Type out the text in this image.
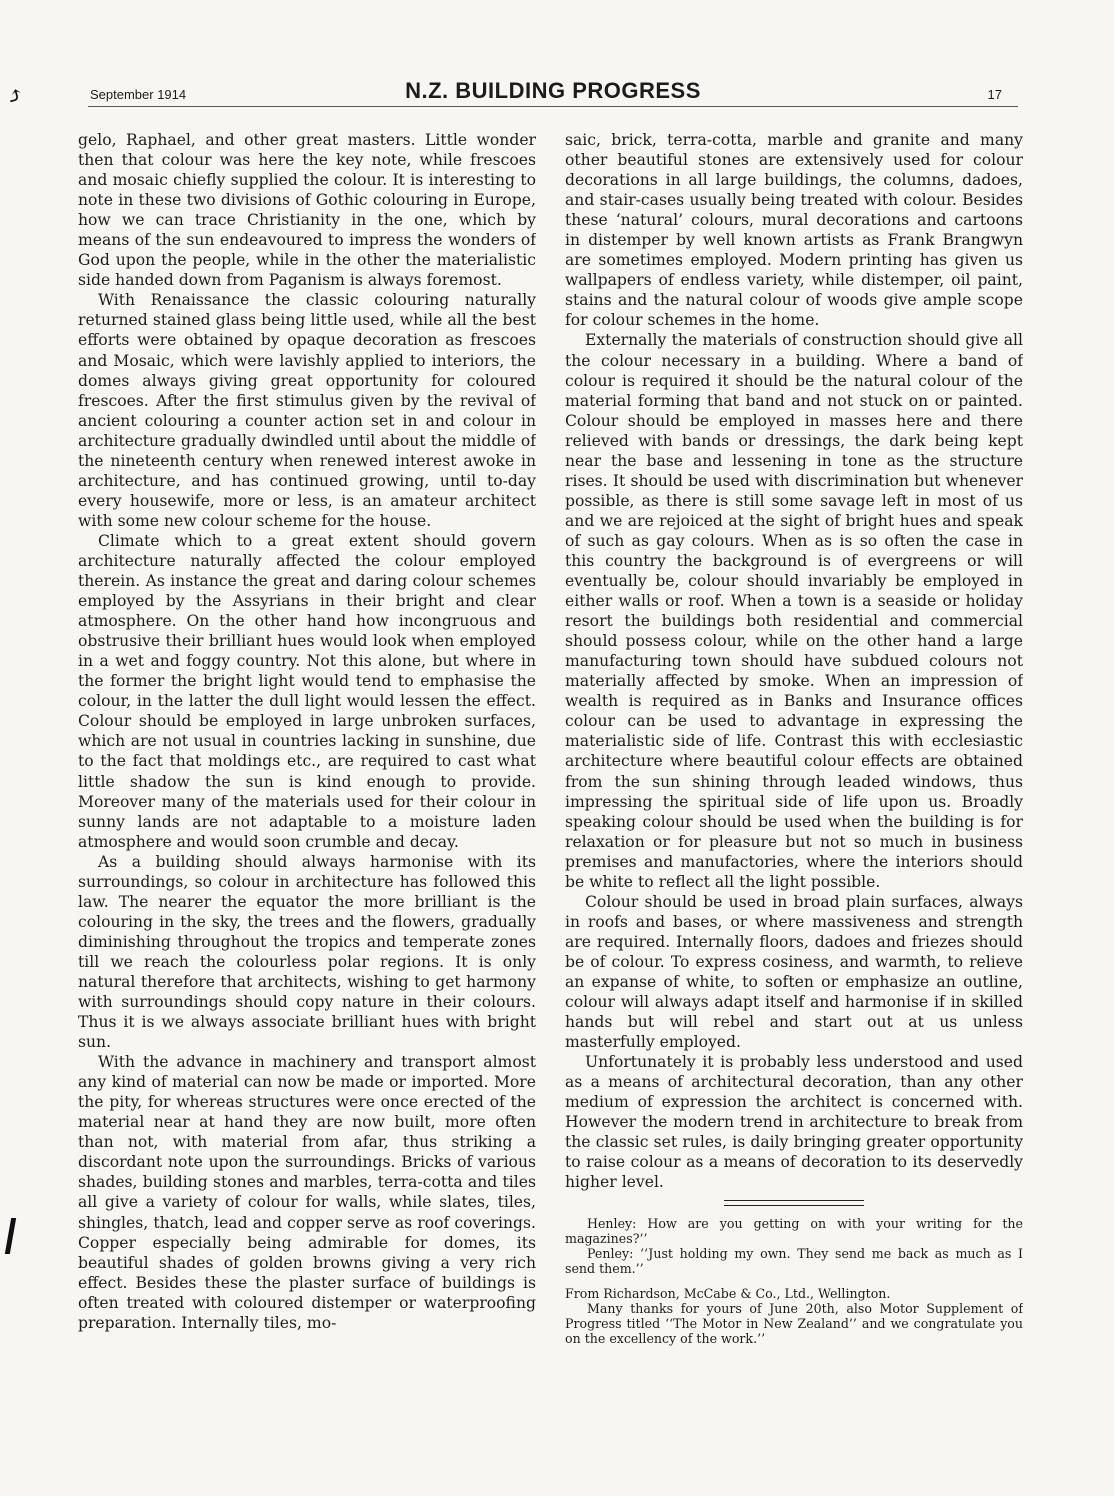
⤴	September 1914	N.Z. BUILDING PROGRESS	17

gelo, Raphael, and other great masters. Little wonder then that colour was here the key note, while frescoes and mosaic chiefly supplied the colour. It is interesting to note in these two divisions of Gothic colouring in Europe, how we can trace Christianity in the one, which by means of the sun endeavoured to impress the wonders of God upon the people, while in the other the materialistic side handed down from Paganism is always foremost.

With Renaissance the classic colouring naturally returned stained glass being little used, while all the best efforts were obtained by opaque decoration as frescoes and Mosaic, which were lavishly applied to interiors, the domes always giving great opportunity for coloured frescoes. After the first stimulus given by the revival of ancient colouring a counter action set in and colour in architecture gradually dwindled until about the middle of the nineteenth century when renewed interest awoke in architecture, and has continued growing, until to-day every housewife, more or less, is an amateur architect with some new colour scheme for the house.

Climate which to a great extent should govern architecture naturally affected the colour employed therein. As instance the great and daring colour schemes employed by the Assyrians in their bright and clear atmosphere. On the other hand how incongruous and obstrusive their brilliant hues would look when employed in a wet and foggy country. Not this alone, but where in the former the bright light would tend to emphasise the colour, in the latter the dull light would lessen the effect. Colour should be employed in large unbroken surfaces, which are not usual in countries lacking in sunshine, due to the fact that moldings etc., are required to cast what little shadow the sun is kind enough to provide. Moreover many of the materials used for their colour in sunny lands are not adaptable to a moisture laden atmosphere and would soon crumble and decay.

As a building should always harmonise with its surroundings, so colour in architecture has followed this law. The nearer the equator the more brilliant is the colouring in the sky, the trees and the flowers, gradually diminishing throughout the tropics and temperate zones till we reach the colourless polar regions. It is only natural therefore that architects, wishing to get harmony with surroundings should copy nature in their colours. Thus it is we always associate brilliant hues with bright sun.

With the advance in machinery and transport almost any kind of material can now be made or imported. More the pity, for whereas structures were once erected of the material near at hand they are now built, more often than not, with material from afar, thus striking a discordant note upon the surroundings. Bricks of various shades, building stones and marbles, terra-cotta and tiles all give a variety of colour for walls, while slates, tiles, shingles, thatch, lead and copper serve as roof coverings. Copper especially being admirable for domes, its beautiful shades of golden browns giving a very rich effect. Besides these the plaster surface of buildings is often treated with coloured distemper or waterproofing preparation. Internally tiles, mo-

saic, brick, terra-cotta, marble and granite and many other beautiful stones are extensively used for colour decorations in all large buildings, the columns, dadoes, and stair-cases usually being treated with colour. Besides these ‘natural’ colours, mural decorations and cartoons in distemper by well known artists as Frank Brangwyn are sometimes employed. Modern printing has given us wallpapers of endless variety, while distemper, oil paint, stains and the natural colour of woods give ample scope for colour schemes in the home.

Externally the materials of construction should give all the colour necessary in a building. Where a band of colour is required it should be the natural colour of the material forming that band and not stuck on or painted. Colour should be employed in masses here and there relieved with bands or dressings, the dark being kept near the base and lessening in tone as the structure rises. It should be used with discrimination but whenever possible, as there is still some savage left in most of us and we are rejoiced at the sight of bright hues and speak of such as gay colours. When as is so often the case in this country the background is of evergreens or will eventually be, colour should invariably be employed in either walls or roof. When a town is a seaside or holiday resort the buildings both residential and commercial should possess colour, while on the other hand a large manufacturing town should have subdued colours not materially affected by smoke. When an impression of wealth is required as in Banks and Insurance offices colour can be used to advantage in expressing the materialistic side of life. Contrast this with ecclesiastic architecture where beautiful colour effects are obtained from the sun shining through leaded windows, thus impressing the spiritual side of life upon us. Broadly speaking colour should be used when the building is for relaxation or for pleasure but not so much in business premises and manufactories, where the interiors should be white to reflect all the light possible.

Colour should be used in broad plain surfaces, always in roofs and bases, or where massiveness and strength are required. Internally floors, dadoes and friezes should be of colour. To express cosiness, and warmth, to relieve an expanse of white, to soften or emphasize an outline, colour will always adapt itself and harmonise if in skilled hands but will rebel and start out at us unless masterfully employed.

Unfortunately it is probably less understood and used as a means of architectural decoration, than any other medium of expression the architect is concerned with. However the modern trend in architecture to break from the classic set rules, is daily bringing greater opportunity to raise colour as a means of decoration to its deservedly higher level.

Henley: How are you getting on with your writing for the magazines?’’

Penley: ‘‘Just holding my own. They send me back as much as I send them.’’

From Richardson, McCabe & Co., Ltd., Wellington.

Many thanks for yours of June 20th, also Motor Supplement of Progress titled ‘‘The Motor in New Zealand’’ and we congratulate you on the excellency of the work.’’
